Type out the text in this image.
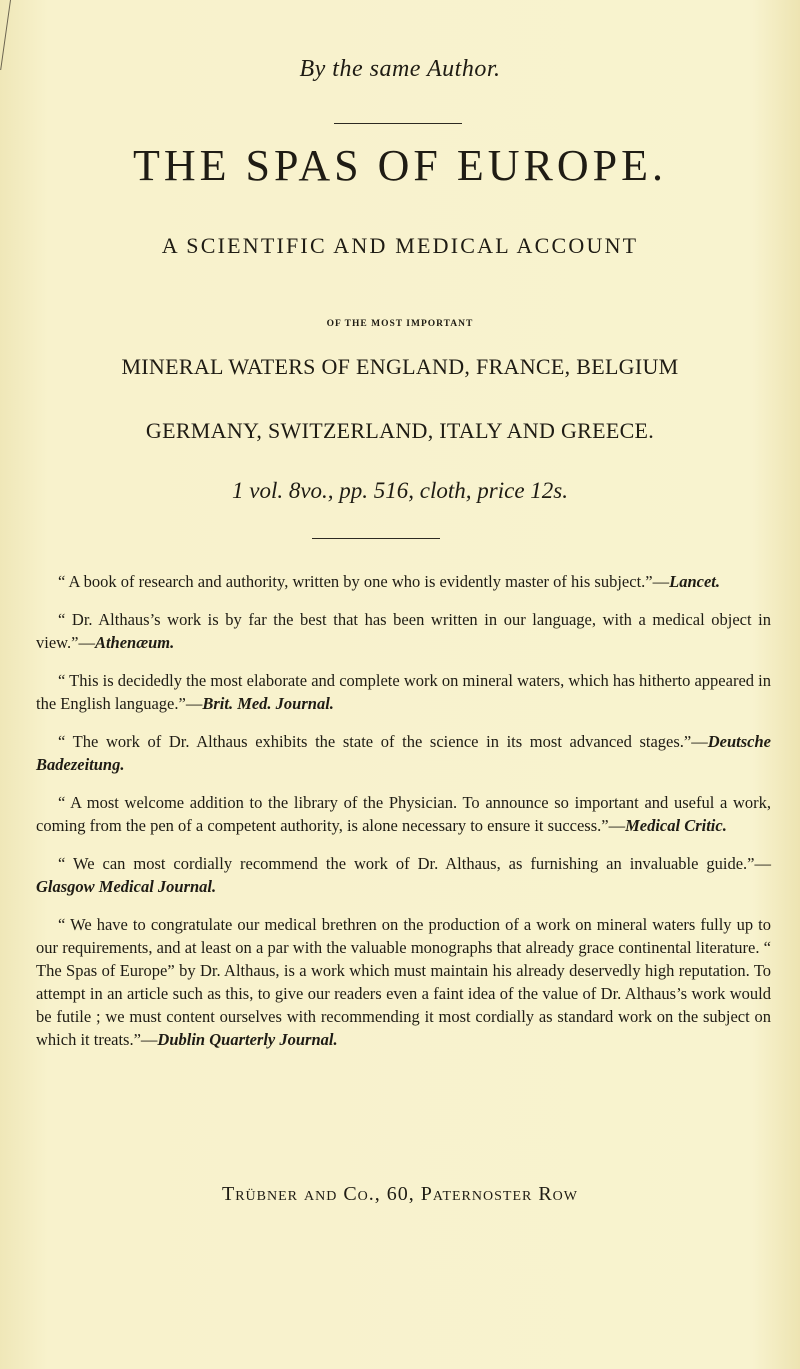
By the same Author.
THE SPAS OF EUROPE.
A SCIENTIFIC AND MEDICAL ACCOUNT
OF THE MOST IMPORTANT
MINERAL WATERS OF ENGLAND, FRANCE, BELGIUM
GERMANY, SWITZERLAND, ITALY AND GREECE.
1 vol. 8vo., pp. 516, cloth, price 12s.

“ A book of research and authority, written by one who is evidently master of his subject.”—Lancet.

“ Dr. Althaus’s work is by far the best that has been written in our language, with a medical object in view.”—Athenæum.

“ This is decidedly the most elaborate and complete work on mineral waters, which has hitherto appeared in the English language.”—Brit. Med. Journal.

“ The work of Dr. Althaus exhibits the state of the science in its most advanced stages.”—Deutsche Badezeitung.

“ A most welcome addition to the library of the Physician. To announce so important and useful a work, coming from the pen of a competent authority, is alone necessary to ensure it success.”—Medical Critic.

“ We can most cordially recommend the work of Dr. Althaus, as furnishing an invaluable guide.”—Glasgow Medical Journal.

“ We have to congratulate our medical brethren on the production of a work on mineral waters fully up to our requirements, and at least on a par with the valuable monographs that already grace continental literature. “ The Spas of Europe” by Dr. Althaus, is a work which must maintain his already deservedly high reputation. To attempt in an article such as this, to give our readers even a faint idea of the value of Dr. Althaus’s work would be futile ; we must content ourselves with recommending it most cordially as standard work on the subject on which it treats.”—Dublin Quarterly Journal.

Trübner and Co., 60, Paternoster Row
